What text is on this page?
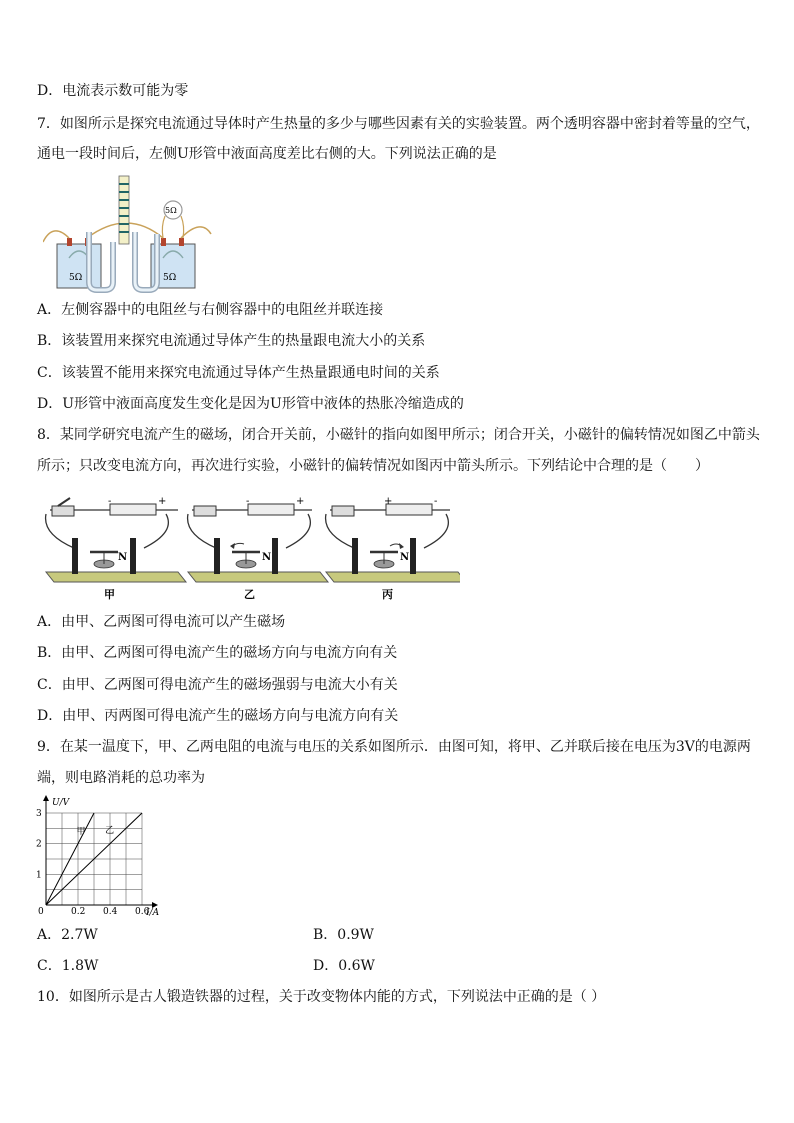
D．电流表示数可能为零
7．如图所示是探究电流通过导体时产生热量的多少与哪些因素有关的实验装置。两个透明容器中密封着等量的空气，
通电一段时间后，左侧U形管中液面高度差比右侧的大。下列说法正确的是
5Ω	5Ω
5Ω
A．左侧容器中的电阻丝与右侧容器中的电阻丝并联连接
B．该装置用来探究电流通过导体产生的热量跟电流大小的关系
C．该装置不能用来探究电流通过导体产生热量跟通电时间的关系
D．U形管中液面高度发生变化是因为U形管中液体的热胀冷缩造成的
8．某同学研究电流产生的磁场，闭合开关前，小磁针的指向如图甲所示；闭合开关，小磁针的偏转情况如图乙中箭头
所示；只改变电流方向，再次进行实验，小磁针的偏转情况如图丙中箭头所示。下列结论中合理的是（　　）
-	+
N
甲
-	+
N
乙
+	-
N
丙
A．由甲、乙两图可得电流可以产生磁场
B．由甲、乙两图可得电流产生的磁场方向与电流方向有关
C．由甲、乙两图可得电流产生的磁场强弱与电流大小有关
D．由甲、丙两图可得电流产生的磁场方向与电流方向有关
9．在某一温度下，甲、乙两电阻的电流与电压的关系如图所示．由图可知，将甲、乙并联后接在电压为3V的电源两
端，则电路消耗的总功率为
U/V
I/A
0	0.2 0.4 0.6
1
2
3
甲 乙
A．2.7W	B．0.9W
C．1.8W	D．0.6W
10．如图所示是古人锻造铁器的过程，关于改变物体内能的方式，下列说法中正确的是（ ）
